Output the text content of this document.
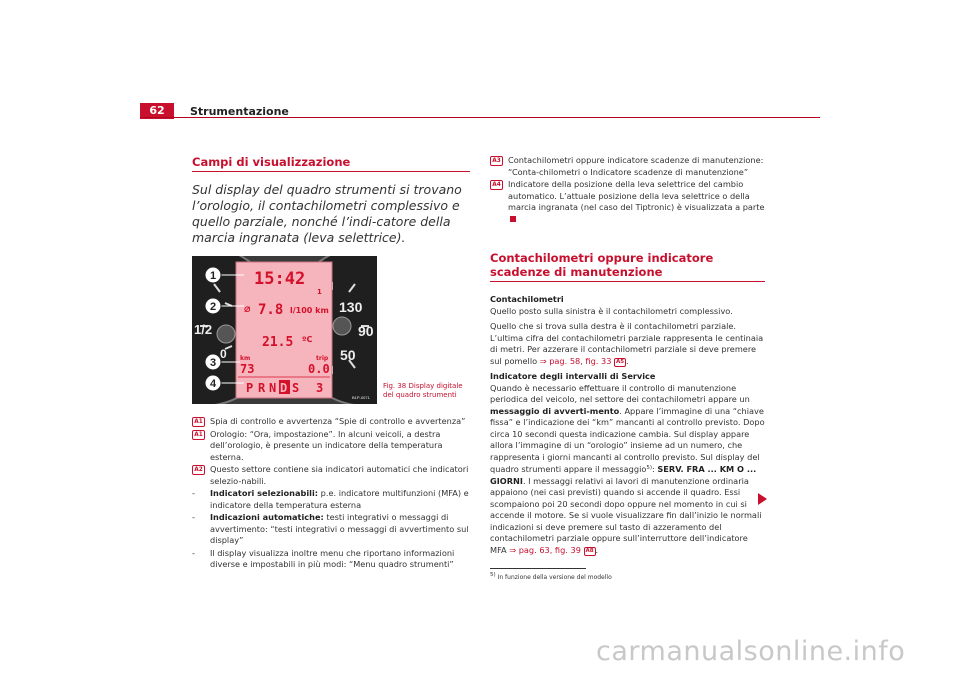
62	Strumentazione
Campi di visualizzazione

Sul display del quadro strumenti si trovano l’orologio, il contachilometri complessivo e quello parziale, nonché l’indi-catore della marcia ingranata (leva selettrice).

1/2
0
130
90
50
15:42
1
⌀ 7.8 l/100 km
21.5 ºC
km	trip
73	0.0
P R N D S 3
1
2
3
4
B1P-0071
Fig. 38 Display digitale
del quadro strumenti
A1 Spia di controllo e avvertenza “Spie di controllo e avvertenza”
A1 Orologio: “Ora, impostazione”. In alcuni veicoli, a destra dell’orologio, è presente un indicatore della temperatura esterna.
A2 Questo settore contiene sia indicatori automatici che indicatori selezio-nabili.
- Indicatori selezionabili: p.e. indicatore multifunzioni (MFA) e indicatore della temperatura esterna
- Indicazioni automatiche: testi integrativi o messaggi di avvertimento: “testi integrativi o messaggi di avvertimento sul display”
- Il display visualizza inoltre menu che riportano informazioni diverse e impostabili in più modi: “Menu quadro strumenti”
A3 Contachilometri oppure indicatore scadenze di manutenzione: “Conta-chilometri o Indicatore scadenze di manutenzione”
A4 Indicatore della posizione della leva selettrice del cambio automatico. L’attuale posizione della leva selettrice o della marcia ingranata (nel caso del Tiptronic) è visualizzata a parte
Contachilometri oppure indicatore scadenze di manutenzione

Contachilometri

Quello posto sulla sinistra è il contachilometri complessivo.

Quello che si trova sulla destra è il contachilometri parziale. L’ultima cifra del contachilometri parziale rappresenta le centinaia di metri. Per azzerare il contachilometri parziale si deve premere sul pomello ⇒ pag. 58, fig. 33 A5 .

Indicatore degli intervalli di Service

Quando è necessario effettuare il controllo di manutenzione periodica del veicolo, nel settore dei contachilometri appare un messaggio di avverti-mento. Appare l’immagine di una “chiave fissa” e l’indicazione dei “km” mancanti al controllo previsto. Dopo circa 10 secondi questa indicazione cambia. Sul display appare allora l’immagine di un “orologio” insieme ad un numero, che rappresenta i giorni mancanti al controllo previsto. Sul display del quadro strumenti appare il messaggio$^{5)}$: SERV. FRA ... KM O ... GIORNI. I messaggi relativi ai lavori di manutenzione ordinaria appaiono (nei casi previsti) quando si accende il quadro. Essi scompaiono poi 20 secondi dopo oppure nel momento in cui si accende il motore. Se si vuole visualizzare fin dall’inizio le normali indicazioni si deve premere sul tasto di azzeramento del contachilometri parziale oppure sull’interruttore dell’indicatore MFA ⇒ pag. 63, fig. 39 A8 .

5) In funzione della versione del modello
carmanualsonline.info
